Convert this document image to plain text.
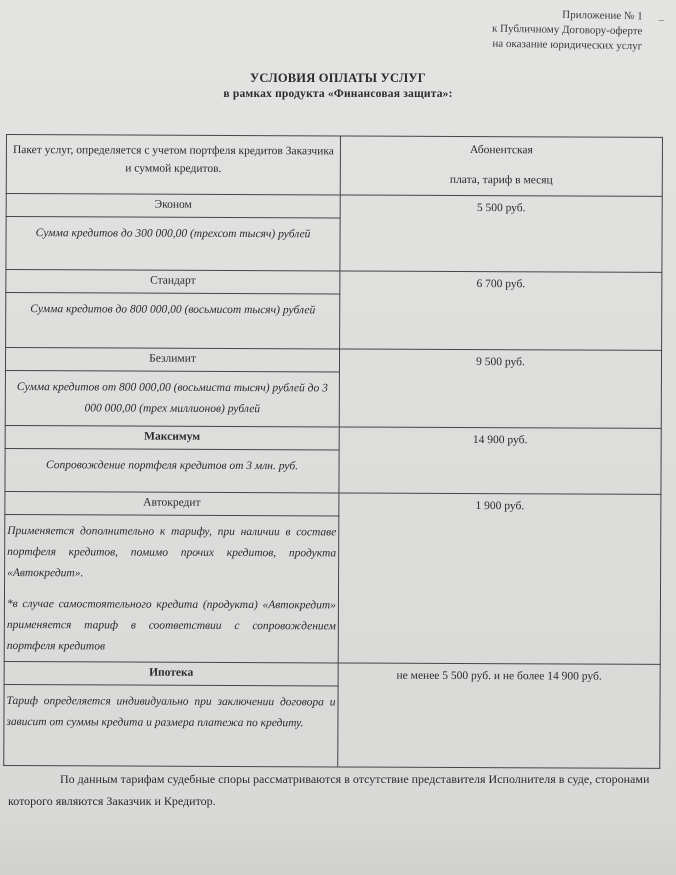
–
Приложение № 1
к Публичному Договору-оферте
на оказание юридических услуг
УСЛОВИЯ ОПЛАТЫ УСЛУГ
в рамках продукта «Финансовая защита»:
Пакет услуг, определяется с учетом портфеля кредитов Заказчика и суммой кредитов.	Абонентская
плата, тариф в месяц

Эконом	5 500 руб.
Сумма кредитов до 300 000,00 (трехсот тысяч) рублей	
Стандарт	6 700 руб.
Сумма кредитов до 800 000,00 (восьмисот тысяч) рублей	
Безлимит	9 500 руб.
Сумма кредитов от 800 000,00 (восьмиста тысяч) рублей до 3 000 000,00 (трех миллионов) рублей	
Максимум	14 900 руб.
Сопровождение портфеля кредитов от 3 млн. руб.	
Автокредит	1 900 руб.

Применяется дополнительно к тарифу, при наличии в составе портфеля кредитов, помимо прочих кредитов, продукта «Автокредит».
*в случае самостоятельного кредита (продукта) «Автокредит» применяется тариф в соответствии с сопровождением портфеля кредитов	

Ипотека	не менее 5 500 руб. и не более 14 900 руб.
Тариф определяется индивидуально при заключении договора и зависит от суммы кредита и размера платежа по кредиту.	
По данным тарифам судебные споры рассматриваются в отсутствие представителя Исполнителя в суде, сторонами которого являются Заказчик и Кредитор.
